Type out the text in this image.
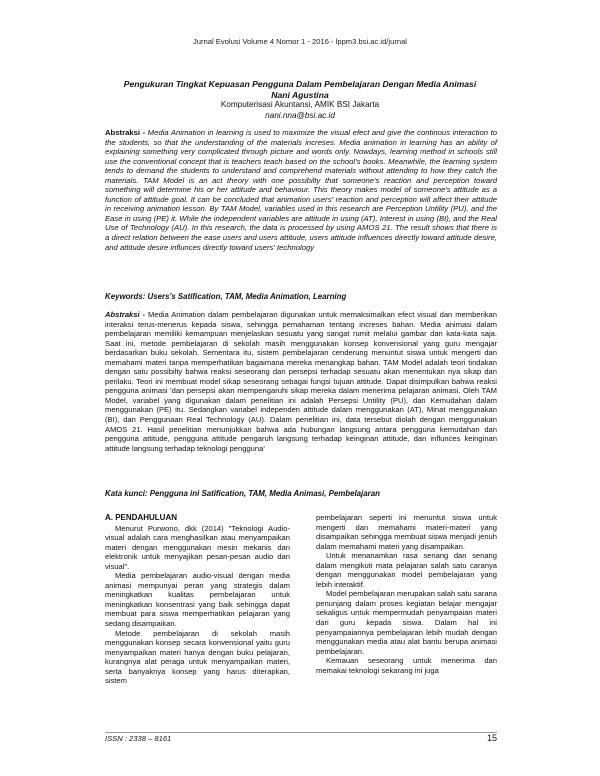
Jurnal Evolusi Volume 4 Nomor 1 - 2016 - lppm3.bsi.ac.id/jurnal
Pengukuran Tingkat Kepuasan Pengguna Dalam Pembelajaran Dengan Media Animasi
Nani Agustina
Komputerisasi Akuntansi, AMIK BSI Jakarta
nani.nna@bsi.ac.id
Abstraksi - Media Animation in learning is used to maximize the visual efect and give the continous interaction to the students, so that the understanding of the materials increses. Media animation in learning has an ability of explaining something very complicated through picture and words only. Nowdays, learning method in schools still use the conventional concept that is teachers teach based on the school's books. Meanwhile, the learning system tends to demand the students to understand and comprehend materials without attending to how they catch the materials. TAM Model is an act theory with one possibilty that someone's reaction and perception toward something will determine his or her attitude and behaviour. This theory makes model of someone's attitude as a function of attitude goal. It can be concluded that animation users' reaction and perception will affect their attitude in receiving animation lesson. By TAM Model, variables used in this research are Perception Untility (PU), and the Ease in using (PE) it. While the independent variables are attitude in using (AT), Interest in using (BI), and the Real Use of Technology (AU). In this research, the data is processed by using AMOS 21. The result shows that there is a direct relation between the ease users and users attitude, users attitude influences directly toward attitude desire, and attitude desire influnces directly toward users' technology
Keywords: Users's Satification, TAM, Media Animation, Learning
Abstraksi - Media Animation dalam pembelajaran digunakan untuk memaksimalkan efect visual dan memberikan interaksi terus-menerus kepada siswa, sehingga pemahaman tentang increses bahan. Media animasi dalam pembelajaran memiliki kemampuan menjelaskan sesuatu yang sangat rumit melalui gambar dan kata-kata saja. Saat ini, metode pembelajaran di sekolah masih menggunakan konsep konvensional yang guru mengajar berdasarkan buku sekolah. Sementara itu, sistem pembelajaran cenderung menuntut siswa untuk mengerti dan memahami materi tanpa memperhatikan bagaimana mereka menangkap bahan. TAM Model adalah teori tindakan dengan satu possibilty bahwa reaksi seseorang dan persepsi terhadap sesuatu akan menentukan nya sikap dan perilaku. Teori ini membuat model sikap seseorang sebagai fungsi tujuan attitude. Dapat disimpulkan bahwa reaksi pengguna animasi 'dan persepsi akan mempengaruhi sikap mereka dalam menerima pelajaran animasi. Oleh TAM Model, variabel yang digunakan dalam penelitian ini adalah Persepsi Untility (PU), dan Kemudahan dalam menggunakan (PE) itu. Sedangkan variabel independen attitude dalam menggunakan (AT), Minat menggunakan (BI), dan Penggunaan Real Technology (AU). Dalam penelitian ini, data tersebut diolah dengan menggunakan AMOS 21. Hasil penelitian menunjukkan bahwa ada hubungan langsung antara pengguna kemudahan dan pengguna attitude, pengguna attitude pengaruh langsung terhadap keinginan attitude, dan influnces keinginan attitude langsung terhadap teknologi pengguna'
Kata kunci: Pengguna ini Satification, TAM, Media Animasi, Pembelajaran
A. PENDAHULUAN

Menurut Purwono, dkk (2014) "Teknologi Audio-visual adalah cara menghasilkan atau menyampaikan materi dengan menggunakan mesin mekanis dan elektronik untuk menyajikan pesan-pesan audio dan visual".

Media pembelajaran audio-visual dengan media animasi mempunyai peran yang strategis dalam meningkatkan kualitas pembelajaran untuk meningkatkan konsentrasi yang baik sehingga dapat membuat para siswa memperhatikan pelajaran yang sedang disampaikan.

Metode pembelajaran di sekolah masih menggunakan konsep secara konvensional yaitu guru menyampaikan materi hanya dengan buku pelajaran, kurangnya alat peraga untuk menyampaikan materi, serta banyaknya konsep yang harus diterapkan, sistem

pembelajaran seperti ini menuntut siswa untuk mengerti dan memahami materi-materi yang disampaikan sehingga membuat siswa menjadi jenuh dalam memahami materi yang disampaikan.

Untuk menanamkan rasa senang dan senang dalam mengikuti mata pelajaran salah satu caranya dengan menggunakan model pembelajaran yang lebih interaktif.

Model pembelajaran merupakan salah satu sarana penunjang dalam proses kegiatan belajar mengajar sekaligus untuk mempermudah penyampaian materi dari guru kepada siswa. Dalam hal ini penyampaiannya pembelajaran lebih mudah dengan menggunakan media atau alat bantu berupa animasi pembelajaran.

Kemauan seseorang untuk menerima dan memakai teknologi sekarang ini juga

ISSN : 2338 – 8161	15
